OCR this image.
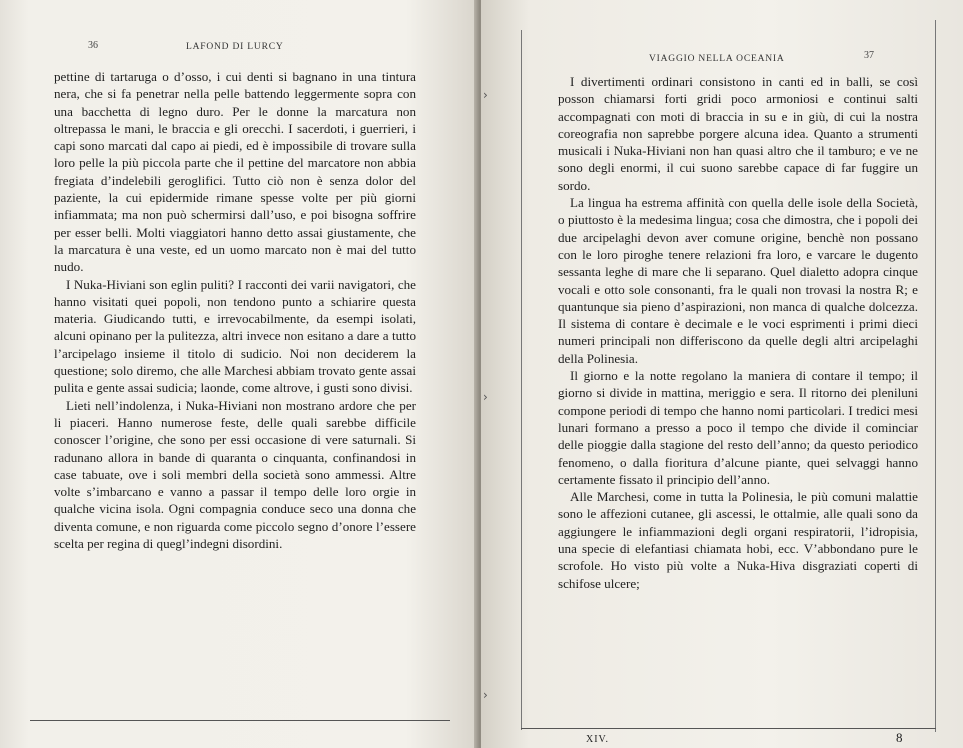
36	LAFOND DI LURCY

pettine di tartaruga o d’osso, i cui denti si bagnano in una tintura nera, che si fa penetrar nella pelle battendo leggermente sopra con una bacchetta di legno duro. Per le donne la marcatura non oltrepassa le mani, le braccia e gli orecchi. I sacerdoti, i guerrieri, i capi sono marcati dal capo ai piedi, ed è impossibile di trovare sulla loro pelle la più piccola parte che il pettine del marcatore non abbia fregiata d’indelebili geroglifici. Tutto ciò non è senza dolor del paziente, la cui epidermide rimane spesse volte per più giorni infiammata; ma non può schermirsi dall’uso, e poi bisogna soffrire per esser belli. Molti viaggiatori hanno detto assai giustamente, che la marcatura è una veste, ed un uomo marcato non è mai del tutto nudo.

I Nuka-Hiviani son eglin puliti? I racconti dei varii navigatori, che hanno visitati quei popoli, non tendono punto a schiarire questa materia. Giudicando tutti, e irrevocabilmente, da esempi isolati, alcuni opinano per la pulitezza, altri invece non esitano a dare a tutto l’arcipelago insieme il titolo di sudicio. Noi non deciderem la questione; solo diremo, che alle Marchesi abbiam trovato gente assai pulita e gente assai sudicia; laonde, come altrove, i gusti sono divisi.

Lieti nell’indolenza, i Nuka-Hiviani non mostrano ardore che per li piaceri. Hanno numerose feste, delle quali sarebbe difficile conoscer l’origine, che sono per essi occasione di vere saturnali. Si radunano allora in bande di quaranta o cinquanta, confinandosi in case tabuate, ove i soli membri della società sono ammessi. Altre volte s’imbarcano e vanno a passar il tempo delle loro orgie in qualche vicina isola. Ogni compagnia conduce seco una donna che diventa comune, e non riguarda come piccolo segno d’onore l’essere scelta per regina di quegl’indegni disordini.

VIAGGIO NELLA OCEANIA	37

I divertimenti ordinari consistono in canti ed in balli, se così posson chiamarsi forti gridi poco armoniosi e continui salti accompagnati con moti di braccia in su e in giù, di cui la nostra coreografia non saprebbe porgere alcuna idea. Quanto a strumenti musicali i Nuka-Hiviani non han quasi altro che il tamburo; e ve ne sono degli enormi, il cui suono sarebbe capace di far fuggire un sordo.

La lingua ha estrema affinità con quella delle isole della Società, o piuttosto è la medesima lingua; cosa che dimostra, che i popoli dei due arcipelaghi devon aver comune origine, benchè non possano con le loro piroghe tenere relazioni fra loro, e varcare le dugento sessanta leghe di mare che li separano. Quel dialetto adopra cinque vocali e otto sole consonanti, fra le quali non trovasi la nostra R; e quantunque sia pieno d’aspirazioni, non manca di qualche dolcezza. Il sistema di contare è decimale e le voci esprimenti i primi dieci numeri principali non differiscono da quelle degli altri arcipelaghi della Polinesia.

Il giorno e la notte regolano la maniera di contare il tempo; il giorno si divide in mattina, meriggio e sera. Il ritorno dei pleniluni compone periodi di tempo che hanno nomi particolari. I tredici mesi lunari formano a presso a poco il tempo che divide il cominciar delle pioggie dalla stagione del resto dell’anno; da questo periodico fenomeno, o dalla fioritura d’alcune piante, quei selvaggi hanno certamente fissato il principio dell’anno.

Alle Marchesi, come in tutta la Polinesia, le più comuni malattie sono le affezioni cutanee, gli ascessi, le ottalmie, alle quali sono da aggiungere le infiammazioni degli organi respiratorii, l’idropisia, una specie di elefantiasi chiamata hobi, ecc. V’abbondano pure le scrofole. Ho visto più volte a Nuka-Hiva disgraziati coperti di schifose ulcere;

XIV.	8
›
›
›
